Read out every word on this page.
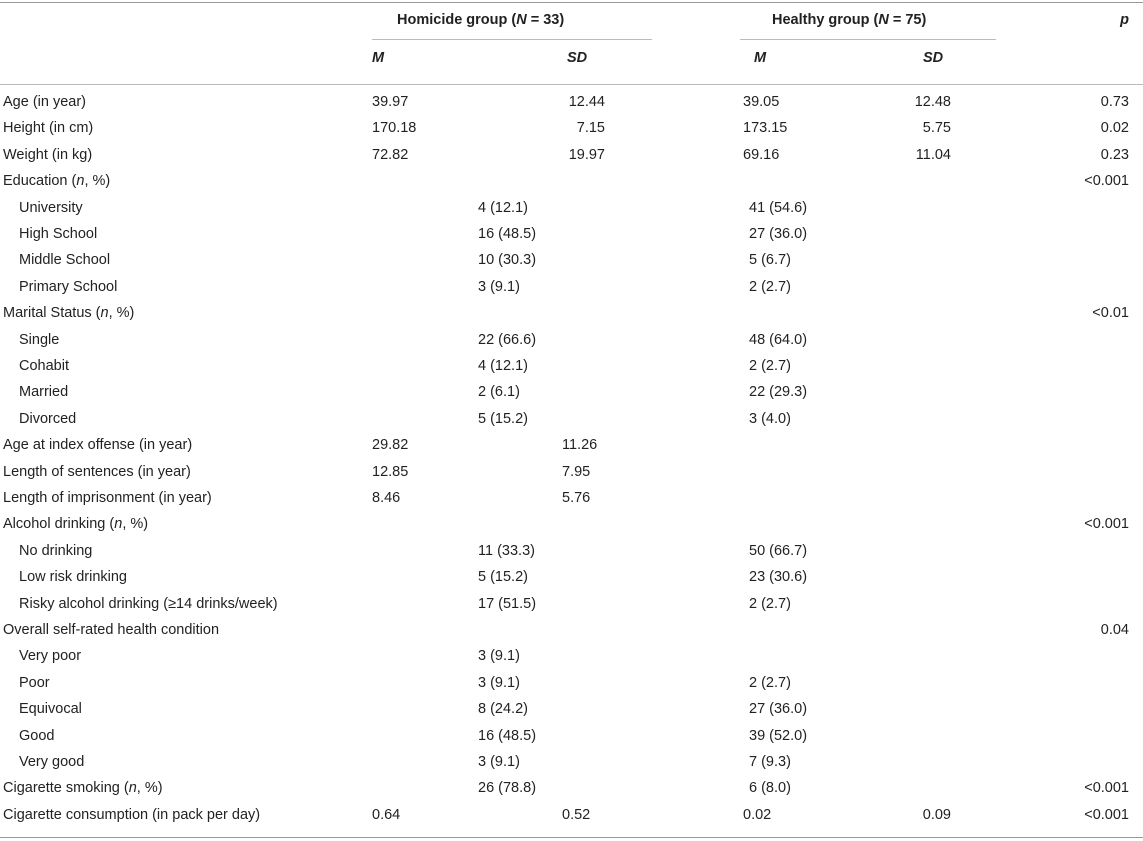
Homicide group (N = 33)	Healthy group (N = 75)	p
M	SD	M	SD
Age (in year)	39.97	12.44	39.05	12.48	0.73
Height (in cm)	170.18	7.15	173.15	5.75	0.02
Weight (in kg)	72.82	19.97	69.16	11.04	0.23
Education (n, %)	<0.001
University	4 (12.1)	41 (54.6)
High School	16 (48.5)	27 (36.0)
Middle School	10 (30.3)	5 (6.7)
Primary School	3 (9.1)	2 (2.7)
Marital Status (n, %)	<0.01
Single	22 (66.6)	48 (64.0)
Cohabit	4 (12.1)	2 (2.7)
Married	2 (6.1)	22 (29.3)
Divorced	5 (15.2)	3 (4.0)
Age at index offense (in year)	29.82	11.26
Length of sentences (in year)	12.85	7.95
Length of imprisonment (in year)	8.46	5.76
Alcohol drinking (n, %)	<0.001
No drinking	11 (33.3)	50 (66.7)
Low risk drinking	5 (15.2)	23 (30.6)
Risky alcohol drinking (≥14 drinks/week)	17 (51.5)	2 (2.7)
Overall self-rated health condition	0.04
Very poor	3 (9.1)
Poor	3 (9.1)	2 (2.7)
Equivocal	8 (24.2)	27 (36.0)
Good	16 (48.5)	39 (52.0)
Very good	3 (9.1)	7 (9.3)
Cigarette smoking (n, %)	26 (78.8)	6 (8.0)	<0.001
Cigarette consumption (in pack per day)	0.64	0.52	0.02	0.09	<0.001
